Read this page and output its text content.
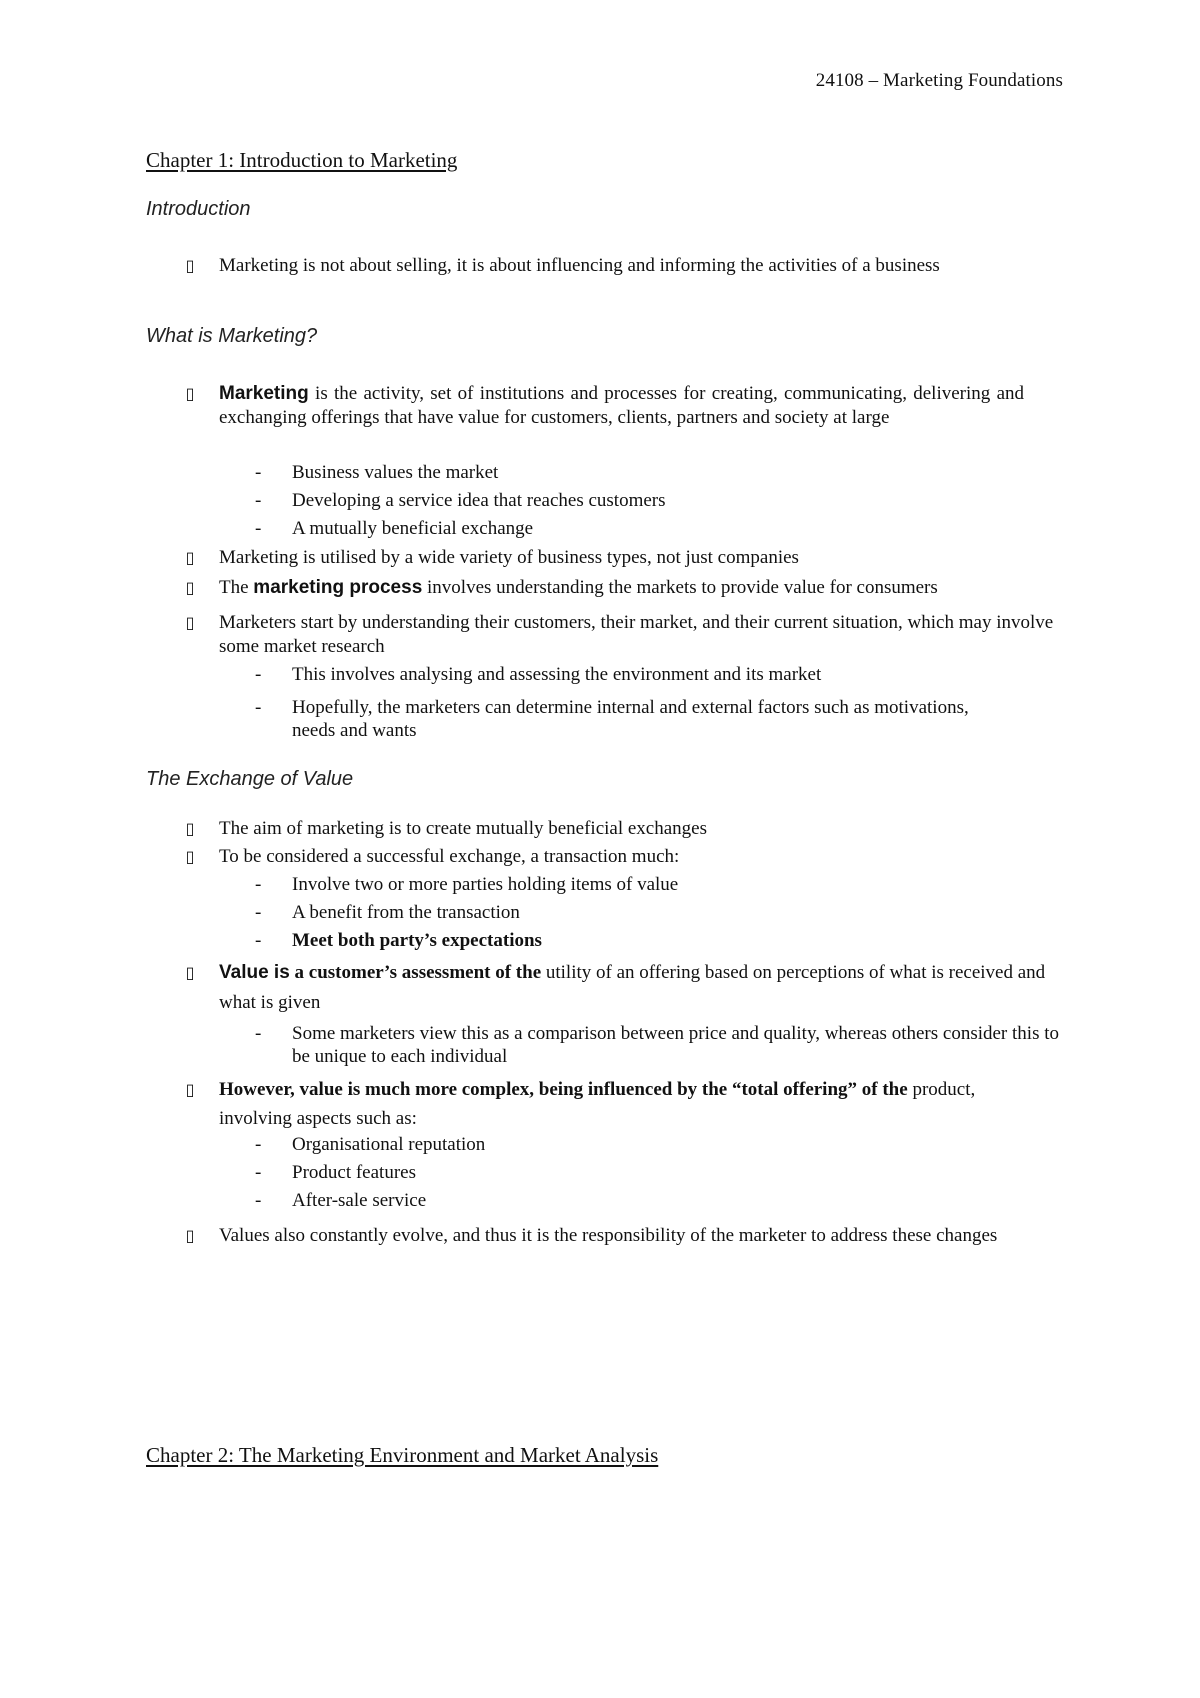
24108 – Marketing Foundations
Chapter 1: Introduction to Marketing
Introduction
▯ Marketing is not about selling, it is about influencing and informing the activities of a business
What is Marketing?
▯ Marketing is the activity, set of institutions and processes for creating, communicating, delivering and exchanging offerings that have value for customers, clients, partners and society at large
- Business values the market
- Developing a service idea that reaches customers
- A mutually beneficial exchange
▯ Marketing is utilised by a wide variety of business types, not just companies
▯ The marketing process involves understanding the markets to provide value for consumers
▯ Marketers start by understanding their customers, their market, and their current situation, which may involve some market research
- This involves analysing and assessing the environment and its market
- Hopefully, the marketers can determine internal and external factors such as motivations, needs and wants
The Exchange of Value
▯ The aim of marketing is to create mutually beneficial exchanges
▯ To be considered a successful exchange, a transaction much:
- Involve two or more parties holding items of value
- A benefit from the transaction
- Meet both party’s expectations
▯ Value is a customer’s assessment of the utility of an offering based on perceptions of what is received and what is given
- Some marketers view this as a comparison between price and quality, whereas others consider this to be unique to each individual
▯ However, value is much more complex, being influenced by the “total offering” of the product, involving aspects such as:
- Organisational reputation
- Product features
- After-sale service
▯ Values also constantly evolve, and thus it is the responsibility of the marketer to address these changes
Chapter 2: The Marketing Environment and Market Analysis
